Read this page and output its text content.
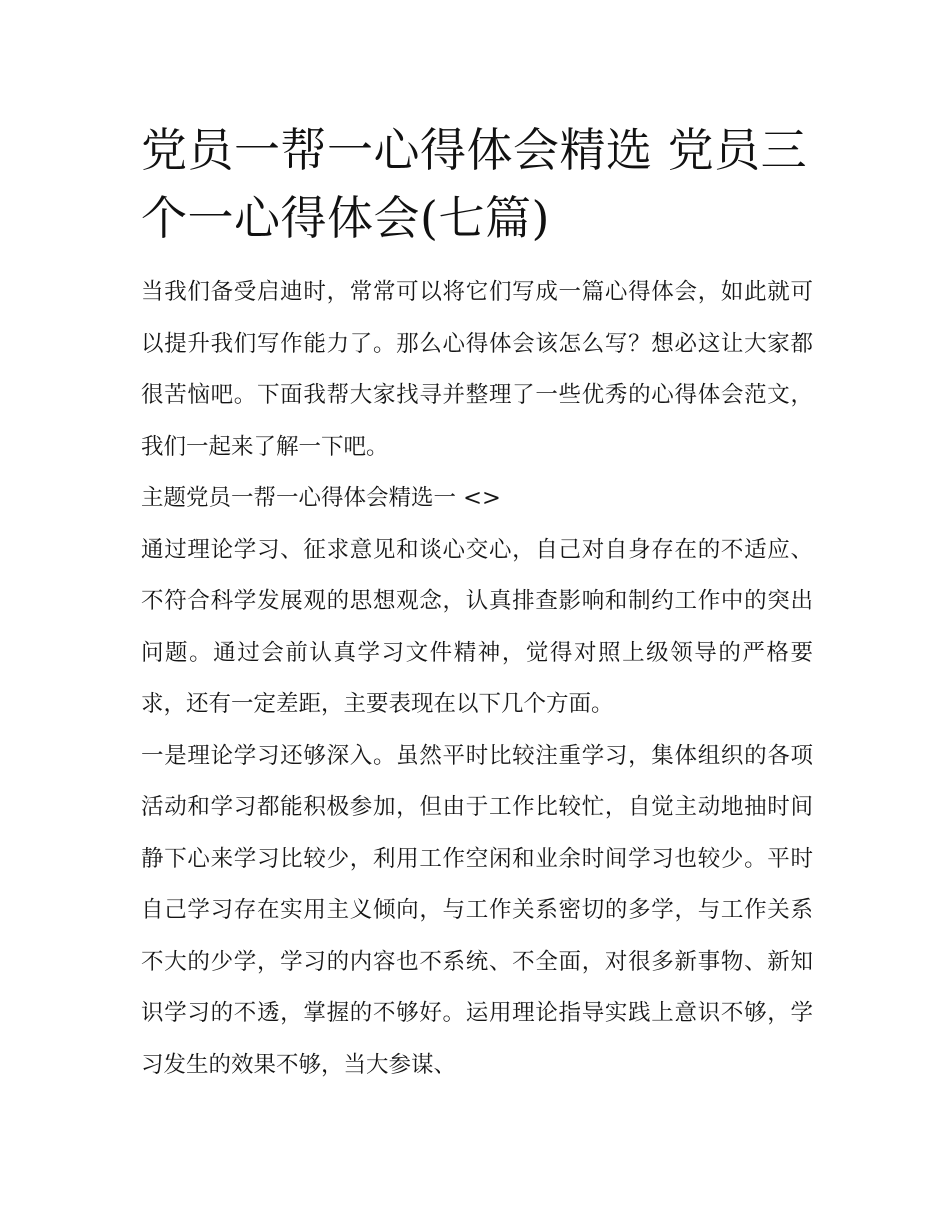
党员一帮一心得体会精选 党员三个一心得体会(七篇)

当我们备受启迪时，常常可以将它们写成一篇心得体会，如此就可以提升我们写作能力了。那么心得体会该怎么写？想必这让大家都很苦恼吧。下面我帮大家找寻并整理了一些优秀的心得体会范文，我们一起来了解一下吧。

主题党员一帮一心得体会精选一 <>

通过理论学习、征求意见和谈心交心，自己对自身存在的不适应、不符合科学发展观的思想观念，认真排查影响和制约工作中的突出问题。通过会前认真学习文件精神，觉得对照上级领导的严格要求，还有一定差距，主要表现在以下几个方面。

一是理论学习还够深入。虽然平时比较注重学习，集体组织的各项活动和学习都能积极参加，但由于工作比较忙，自觉主动地抽时间静下心来学习比较少，利用工作空闲和业余时间学习也较少。平时自己学习存在实用主义倾向，与工作关系密切的多学，与工作关系不大的少学，学习的内容也不系统、不全面，对很多新事物、新知识学习的不透，掌握的不够好。运用理论指导实践上意识不够，学习发生的效果不够，当大参谋、
